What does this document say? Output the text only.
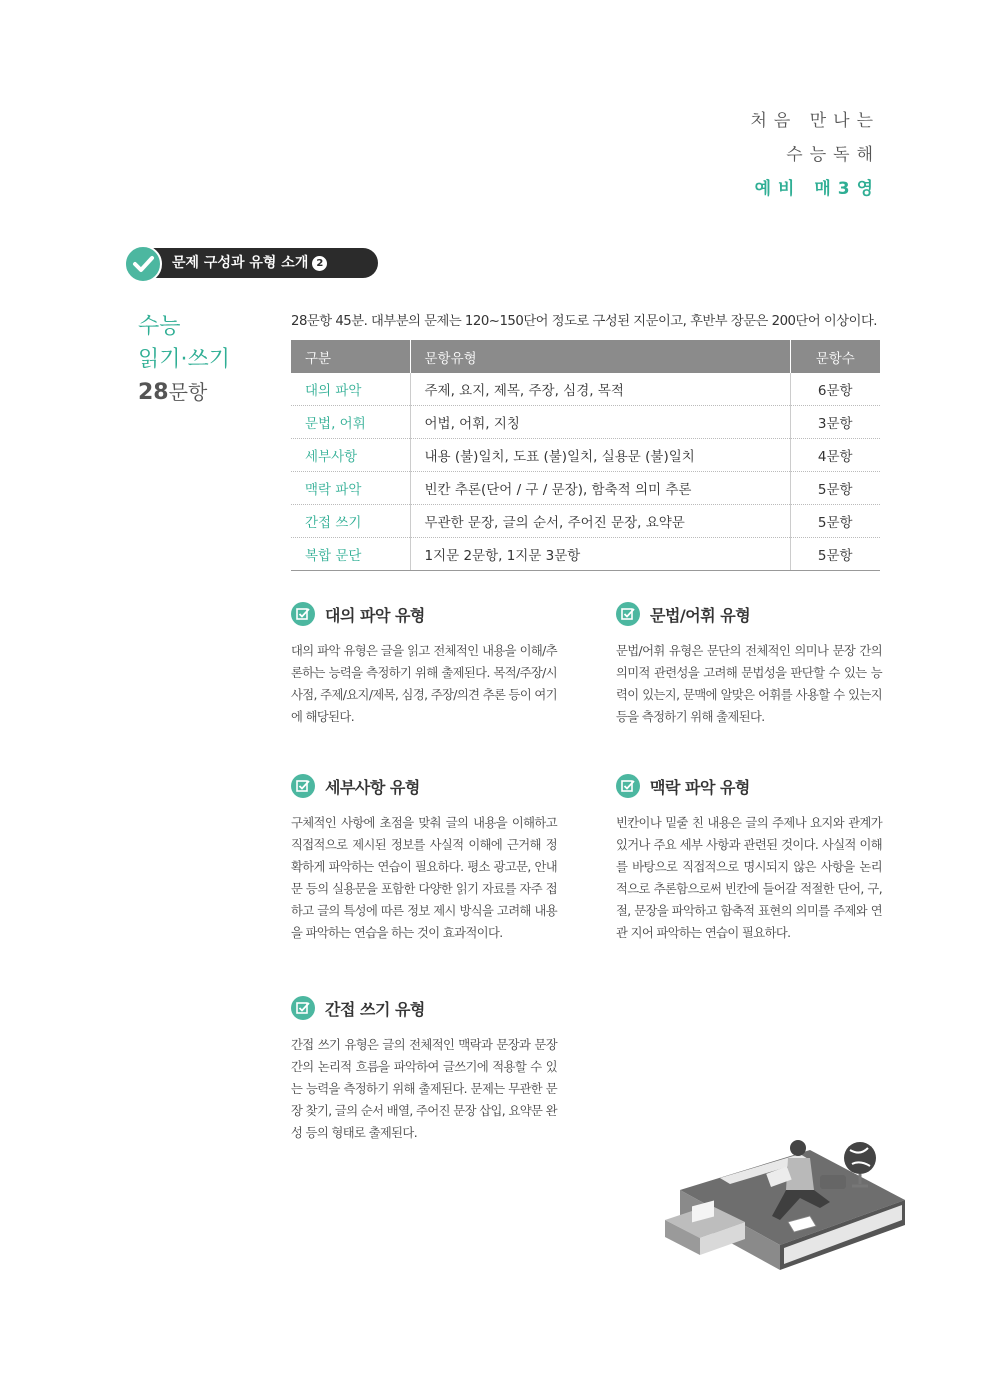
처음 만나는
수능독해
예비 매3영
문제 구성과 유형 소개 2
수능
읽기·쓰기
28문항
28문항 45분. 대부분의 문제는 120~150단어 정도로 구성된 지문이고, 후반부 장문은 200단어 이상이다.
구분	문항유형	문항수
대의 파악	주제, 요지, 제목, 주장, 심경, 목적	6문항
문법, 어휘	어법, 어휘, 지칭	3문항
세부사항	내용 (불)일치, 도표 (불)일치, 실용문 (불)일치	4문항
맥락 파악	빈칸 추론(단어 / 구 / 문장), 함축적 의미 추론	5문항
간접 쓰기	무관한 문장, 글의 순서, 주어진 문장, 요약문	5문항
복합 문단	1지문 2문항, 1지문 3문항	5문항
대의 파악 유형
대의 파악 유형은 글을 읽고 전체적인 내용을 이해/추론하는 능력을 측정하기 위해 출제된다. 목적/주장/시사점, 주제/요지/제목, 심경, 주장/의견 추론 등이 여기에 해당된다.
문법/어휘 유형
문법/어휘 유형은 문단의 전체적인 의미나 문장 간의 의미적 관련성을 고려해 문법성을 판단할 수 있는 능력이 있는지, 문맥에 알맞은 어휘를 사용할 수 있는지 등을 측정하기 위해 출제된다.
세부사항 유형
구체적인 사항에 초점을 맞춰 글의 내용을 이해하고 직접적으로 제시된 정보를 사실적 이해에 근거해 정확하게 파악하는 연습이 필요하다. 평소 광고문, 안내문 등의 실용문을 포함한 다양한 읽기 자료를 자주 접하고 글의 특성에 따른 정보 제시 방식을 고려해 내용을 파악하는 연습을 하는 것이 효과적이다.
맥락 파악 유형
빈칸이나 밑줄 친 내용은 글의 주제나 요지와 관계가 있거나 주요 세부 사항과 관련된 것이다. 사실적 이해를 바탕으로 직접적으로 명시되지 않은 사항을 논리적으로 추론함으로써 빈칸에 들어갈 적절한 단어, 구, 절, 문장을 파악하고 함축적 표현의 의미를 주제와 연관 지어 파악하는 연습이 필요하다.
간접 쓰기 유형
간접 쓰기 유형은 글의 전체적인 맥락과 문장과 문장 간의 논리적 흐름을 파악하여 글쓰기에 적용할 수 있는 능력을 측정하기 위해 출제된다. 문제는 무관한 문장 찾기, 글의 순서 배열, 주어진 문장 삽입, 요약문 완성 등의 형태로 출제된다.
